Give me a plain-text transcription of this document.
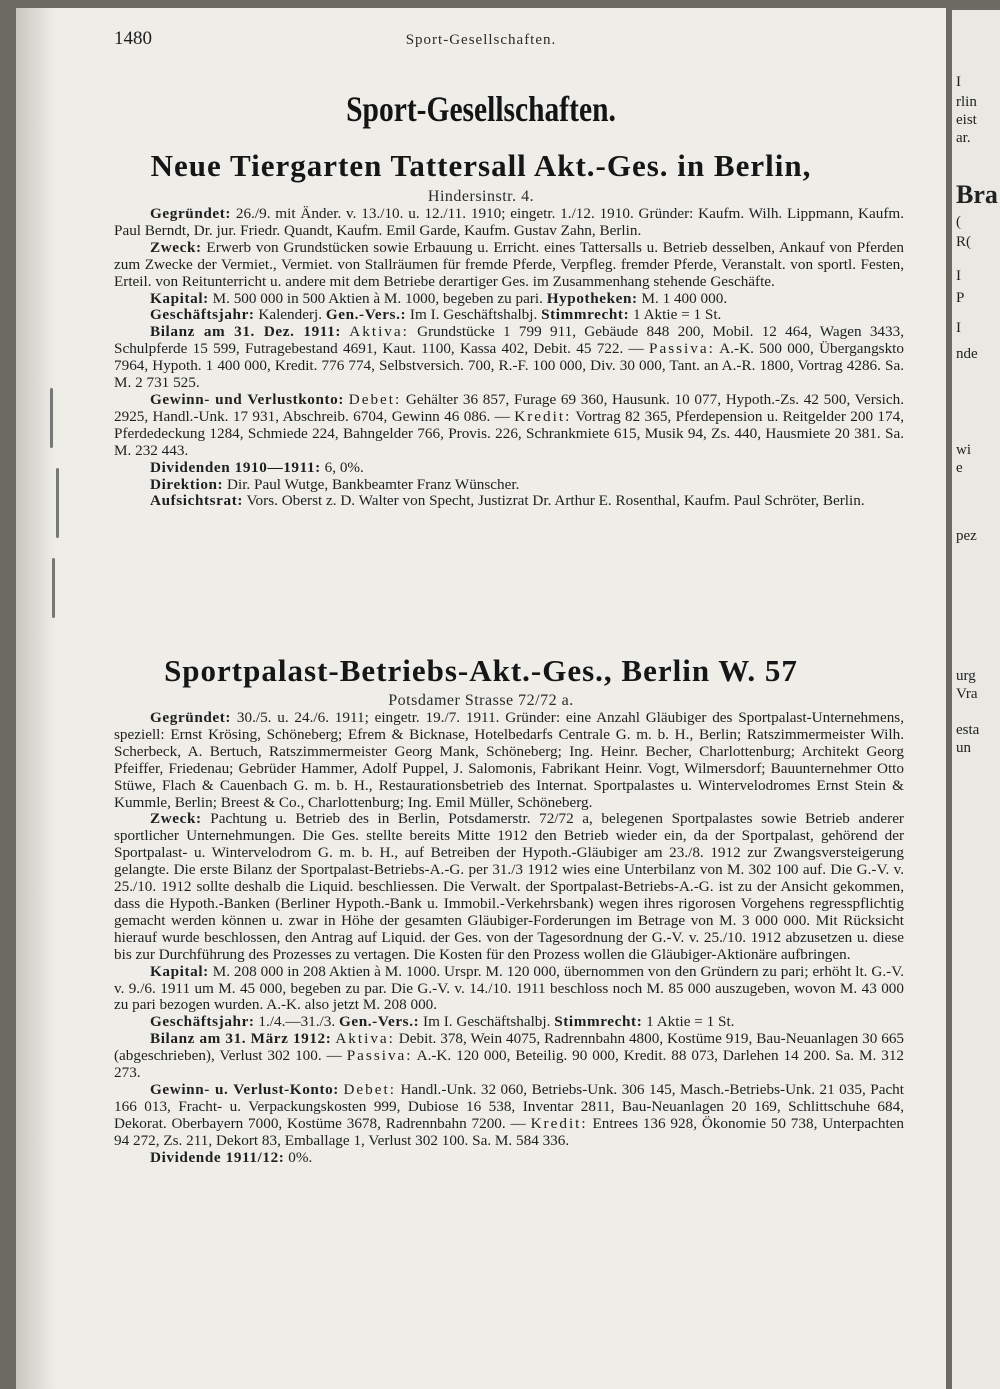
1480	Sport-Gesellschaften.
Sport-Gesellschaften.
Neue Tiergarten Tattersall Akt.-Ges. in Berlin,
Hindersinstr. 4.

Gegründet: 26./9. mit Änder. v. 13./10. u. 12./11. 1910; eingetr. 1./12. 1910. Gründer: Kaufm. Wilh. Lippmann, Kaufm. Paul Berndt, Dr. jur. Friedr. Quandt, Kaufm. Emil Garde, Kaufm. Gustav Zahn, Berlin.

Zweck: Erwerb von Grundstücken sowie Erbauung u. Erricht. eines Tattersalls u. Betrieb desselben, Ankauf von Pferden zum Zwecke der Vermiet., Vermiet. von Stallräumen für fremde Pferde, Verpfleg. fremder Pferde, Veranstalt. von sportl. Festen, Erteil. von Reitunterricht u. andere mit dem Betriebe derartiger Ges. im Zusammenhang stehende Geschäfte.

Kapital: M. 500 000 in 500 Aktien à M. 1000, begeben zu pari. Hypotheken: M. 1 400 000.

Geschäftsjahr: Kalenderj. Gen.-Vers.: Im I. Geschäftshalbj. Stimmrecht: 1 Aktie = 1 St.

Bilanz am 31. Dez. 1911: Aktiva: Grundstücke 1 799 911, Gebäude 848 200, Mobil. 12 464, Wagen 3433, Schulpferde 15 599, Futragebestand 4691, Kaut. 1100, Kassa 402, Debit. 45 722. — Passiva: A.-K. 500 000, Übergangskto 7964, Hypoth. 1 400 000, Kredit. 776 774, Selbstversich. 700, R.-F. 100 000, Div. 30 000, Tant. an A.-R. 1800, Vortrag 4286. Sa. M. 2 731 525.

Gewinn- und Verlustkonto: Debet: Gehälter 36 857, Furage 69 360, Hausunk. 10 077, Hypoth.-Zs. 42 500, Versich. 2925, Handl.-Unk. 17 931, Abschreib. 6704, Gewinn 46 086. — Kredit: Vortrag 82 365, Pferdepension u. Reitgelder 200 174, Pferdedeckung 1284, Schmiede 224, Bahngelder 766, Provis. 226, Schrankmiete 615, Musik 94, Zs. 440, Hausmiete 20 381. Sa. M. 232 443.

Dividenden 1910—1911: 6, 0%.

Direktion: Dir. Paul Wutge, Bankbeamter Franz Wünscher.

Aufsichtsrat: Vors. Oberst z. D. Walter von Specht, Justizrat Dr. Arthur E. Rosenthal, Kaufm. Paul Schröter, Berlin.

Sportpalast-Betriebs-Akt.-Ges., Berlin W. 57
Potsdamer Strasse 72/72 a.

Gegründet: 30./5. u. 24./6. 1911; eingetr. 19./7. 1911. Gründer: eine Anzahl Gläubiger des Sportpalast-Unternehmens, speziell: Ernst Krösing, Schöneberg; Efrem & Bicknase, Hotelbedarfs Centrale G. m. b. H., Berlin; Ratszimmermeister Wilh. Scherbeck, A. Bertuch, Ratszimmermeister Georg Mank, Schöneberg; Ing. Heinr. Becher, Charlottenburg; Architekt Georg Pfeiffer, Friedenau; Gebrüder Hammer, Adolf Puppel, J. Salomonis, Fabrikant Heinr. Vogt, Wilmersdorf; Bauunternehmer Otto Stüwe, Flach & Cauenbach G. m. b. H., Restaurationsbetrieb des Internat. Sportpalastes u. Wintervelodromes Ernst Stein & Kummle, Berlin; Breest & Co., Charlottenburg; Ing. Emil Müller, Schöneberg.

Zweck: Pachtung u. Betrieb des in Berlin, Potsdamerstr. 72/72 a, belegenen Sportpalastes sowie Betrieb anderer sportlicher Unternehmungen. Die Ges. stellte bereits Mitte 1912 den Betrieb wieder ein, da der Sportpalast, gehörend der Sportpalast- u. Wintervelodrom G. m. b. H., auf Betreiben der Hypoth.-Gläubiger am 23./8. 1912 zur Zwangsversteigerung gelangte. Die erste Bilanz der Sportpalast-Betriebs-A.-G. per 31./3 1912 wies eine Unterbilanz von M. 302 100 auf. Die G.-V. v. 25./10. 1912 sollte deshalb die Liquid. beschliessen. Die Verwalt. der Sportpalast-Betriebs-A.-G. ist zu der Ansicht gekommen, dass die Hypoth.-Banken (Berliner Hypoth.-Bank u. Immobil.-Verkehrsbank) wegen ihres rigorosen Vorgehens regresspflichtig gemacht werden können u. zwar in Höhe der gesamten Gläubiger-Forderungen im Betrage von M. 3 000 000. Mit Rücksicht hierauf wurde beschlossen, den Antrag auf Liquid. der Ges. von der Tagesordnung der G.-V. v. 25./10. 1912 abzusetzen u. diese bis zur Durchführung des Prozesses zu vertagen. Die Kosten für den Prozess wollen die Gläubiger-Aktionäre aufbringen.

Kapital: M. 208 000 in 208 Aktien à M. 1000. Urspr. M. 120 000, übernommen von den Gründern zu pari; erhöht lt. G.-V. v. 9./6. 1911 um M. 45 000, begeben zu par. Die G.-V. v. 14./10. 1911 beschloss noch M. 85 000 auszugeben, wovon M. 43 000 zu pari bezogen wurden. A.-K. also jetzt M. 208 000.

Geschäftsjahr: 1./4.—31./3. Gen.-Vers.: Im I. Geschäftshalbj. Stimmrecht: 1 Aktie = 1 St.

Bilanz am 31. März 1912: Aktiva: Debit. 378, Wein 4075, Radrennbahn 4800, Kostüme 919, Bau-Neuanlagen 30 665 (abgeschrieben), Verlust 302 100. — Passiva: A.-K. 120 000, Beteilig. 90 000, Kredit. 88 073, Darlehen 14 200. Sa. M. 312 273.

Gewinn- u. Verlust-Konto: Debet: Handl.-Unk. 32 060, Betriebs-Unk. 306 145, Masch.-Betriebs-Unk. 21 035, Pacht 166 013, Fracht- u. Verpackungskosten 999, Dubiose 16 538, Inventar 2811, Bau-Neuanlagen 20 169, Schlittschuhe 684, Dekorat. Oberbayern 7000, Kostüme 3678, Radrennbahn 7200. — Kredit: Entrees 136 928, Ökonomie 50 738, Unterpachten 94 272, Zs. 211, Dekort 83, Emballage 1, Verlust 302 100. Sa. M. 584 336.

Dividende 1911/12: 0%.

I
rlin
eist
ar.
Bra
(
R(
I
P
I
nde
wi
e
pez
urg
Vra
esta
un
